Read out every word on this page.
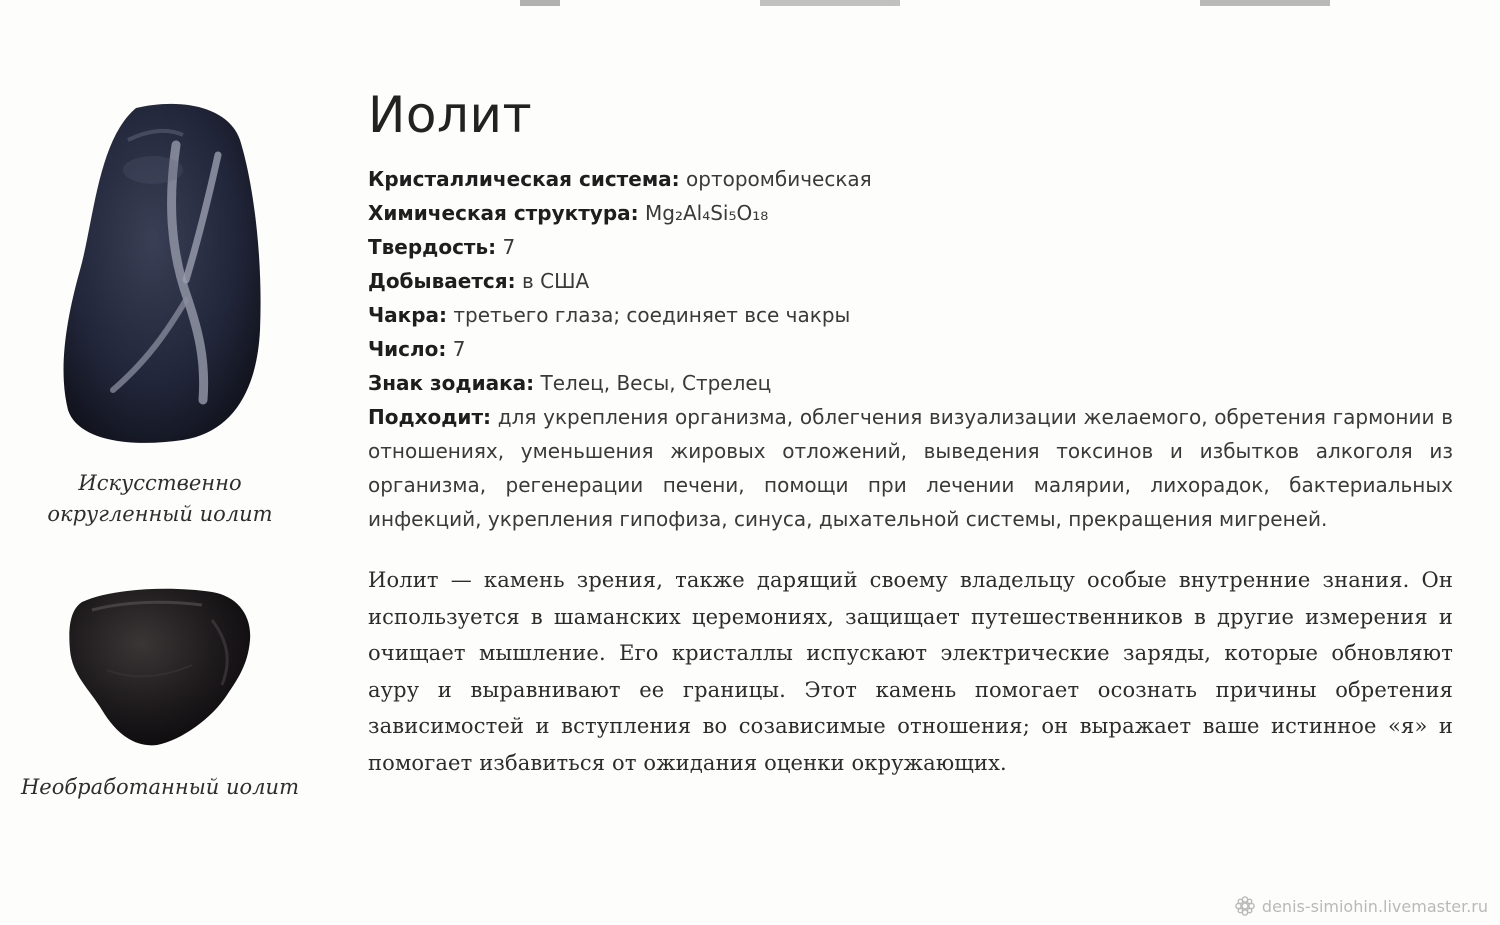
Искусственно
округленный иолит
Необработанный иолит
Иолит
Кристаллическая система: орторомбическая
Химическая структура: Mg₂Al₄Si₅O₁₈
Твердость: 7
Добывается: в США
Чакра: третьего глаза; соединяет все чакры
Число: 7
Знак зодиака: Телец, Весы, Стрелец
Подходит: для укрепления организма, облегчения визуализации желаемого, обретения гармонии в отношениях, уменьшения жировых отложений, выведения токсинов и избытков алкоголя из организма, регенерации печени, помощи при лечении малярии, лихорадок, бактериальных инфекций, укрепления гипофиза, синуса, дыхательной системы, прекращения мигреней.

Иолит — камень зрения, также дарящий своему владельцу особые внутренние знания. Он используется в шаманских церемониях, защищает путешественников в другие измерения и очищает мышление. Его кристаллы испускают электрические заряды, которые обновляют ауру и выравнивают ее границы. Этот камень помогает осознать причины обретения зависимостей и вступления во созависимые отношения; он выражает ваше истинное «я» и помогает избавиться от ожидания оценки окружающих.

denis-simiohin.livemaster.ru
